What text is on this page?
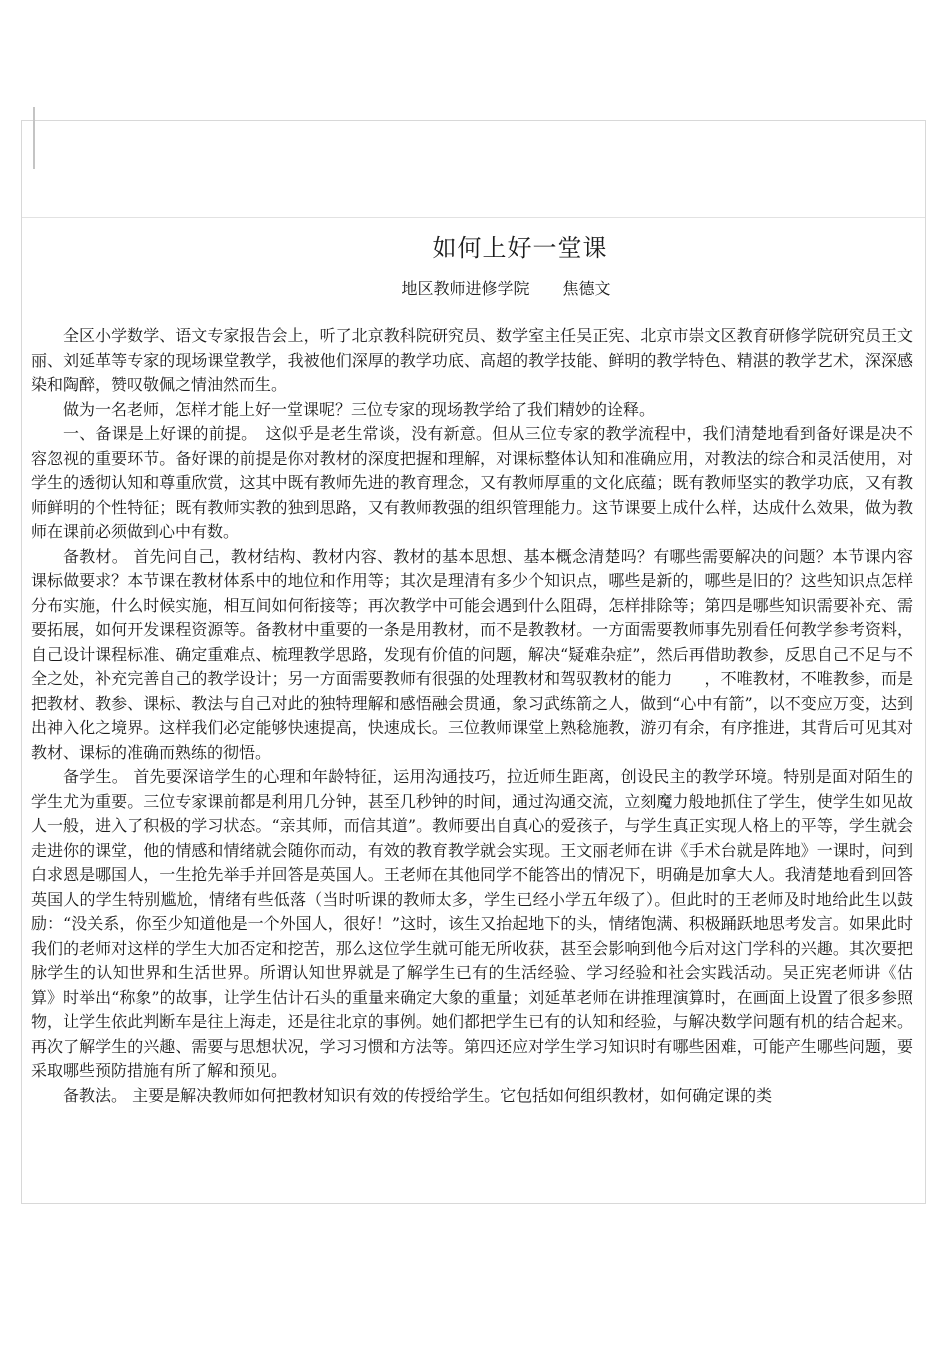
如何上好一堂课
地区教师进修学院 焦德文

全区小学数学、语文专家报告会上，听了北京教科院研究员、数学室主任吴正宪、北京市崇文区教育研修学院研究员王文丽、刘延革等专家的现场课堂教学，我被他们深厚的教学功底、高超的教学技能、鲜明的教学特色、精湛的教学艺术，深深感染和陶醉，赞叹敬佩之情油然而生。

做为一名老师，怎样才能上好一堂课呢？三位专家的现场教学给了我们精妙的诠释。

一、备课是上好课的前提。　这似乎是老生常谈，没有新意。但从三位专家的教学流程中，我们清楚地看到备好课是决不容忽视的重要环节。备好课的前提是你对教材的深度把握和理解，对课标整体认知和准确应用，对教法的综合和灵活使用，对学生的透彻认知和尊重欣赏，这其中既有教师先进的教育理念，又有教师厚重的文化底蕴；既有教师坚实的教学功底，又有教师鲜明的个性特征；既有教师实教的独到思路，又有教师教强的组织管理能力。这节课要上成什么样，达成什么效果，做为教师在课前必须做到心中有数。

备教材。 首先问自己，教材结构、教材内容、教材的基本思想、基本概念清楚吗？有哪些需要解决的问题？本节课内容课标做要求？本节课在教材体系中的地位和作用等；其次是理清有多少个知识点，哪些是新的，哪些是旧的？这些知识点怎样分布实施，什么时候实施，相互间如何衔接等；再次教学中可能会遇到什么阻碍，怎样排除等；第四是哪些知识需要补充、需要拓展，如何开发课程资源等。备教材中重要的一条是用教材，而不是教教材。一方面需要教师事先别看任何教学参考资料，自己设计课程标准、确定重难点、梳理教学思路，发现有价值的问题，解决“疑难杂症”，然后再借助教参，反思自己不足与不全之处，补充完善自己的教学设计；另一方面需要教师有很强的处理教材和驾驭教材的能力　　，不唯教材，不唯教参，而是把教材、教参、课标、教法与自己对此的独特理解和感悟融会贯通，象习武练箭之人，做到“心中有箭”，以不变应万变，达到出神入化之境界。这样我们必定能够快速提高，快速成长。三位教师课堂上熟稔施教，游刃有余，有序推进，其背后可见其对教材、课标的准确而熟练的彻悟。

备学生。 首先要深谙学生的心理和年龄特征，运用沟通技巧，拉近师生距离，创设民主的教学环境。特别是面对陌生的学生尤为重要。三位专家课前都是利用几分钟，甚至几秒钟的时间，通过沟通交流，立刻魔力般地抓住了学生，使学生如见故人一般，进入了积极的学习状态。“亲其师，而信其道”。教师要出自真心的爱孩子，与学生真正实现人格上的平等，学生就会走进你的课堂，他的情感和情绪就会随你而动，有效的教育教学就会实现。王文丽老师在讲《手术台就是阵地》一课时，问到白求恩是哪国人，一生抢先举手并回答是英国人。王老师在其他同学不能答出的情况下，明确是加拿大人。我清楚地看到回答英国人的学生特别尴尬，情绪有些低落（当时听课的教师太多，学生已经小学五年级了）。但此时的王老师及时地给此生以鼓励：“没关系，你至少知道他是一个外国人，很好！”这时，该生又抬起地下的头，情绪饱满、积极踊跃地思考发言。如果此时我们的老师对这样的学生大加否定和挖苦，那么这位学生就可能无所收获，甚至会影响到他今后对这门学科的兴趣。其次要把脉学生的认知世界和生活世界。所谓认知世界就是了解学生已有的生活经验、学习经验和社会实践活动。吴正宪老师讲《估算》时举出“称象”的故事，让学生估计石头的重量来确定大象的重量；刘延革老师在讲推理演算时，在画面上设置了很多参照物，让学生依此判断车是往上海走，还是往北京的事例。她们都把学生已有的认知和经验，与解决数学问题有机的结合起来。再次了解学生的兴趣、需要与思想状况，学习习惯和方法等。第四还应对学生学习知识时有哪些困难，可能产生哪些问题，要采取哪些预防措施有所了解和预见。

备教法。 主要是解决教师如何把教材知识有效的传授给学生。它包括如何组织教材，如何确定课的类
